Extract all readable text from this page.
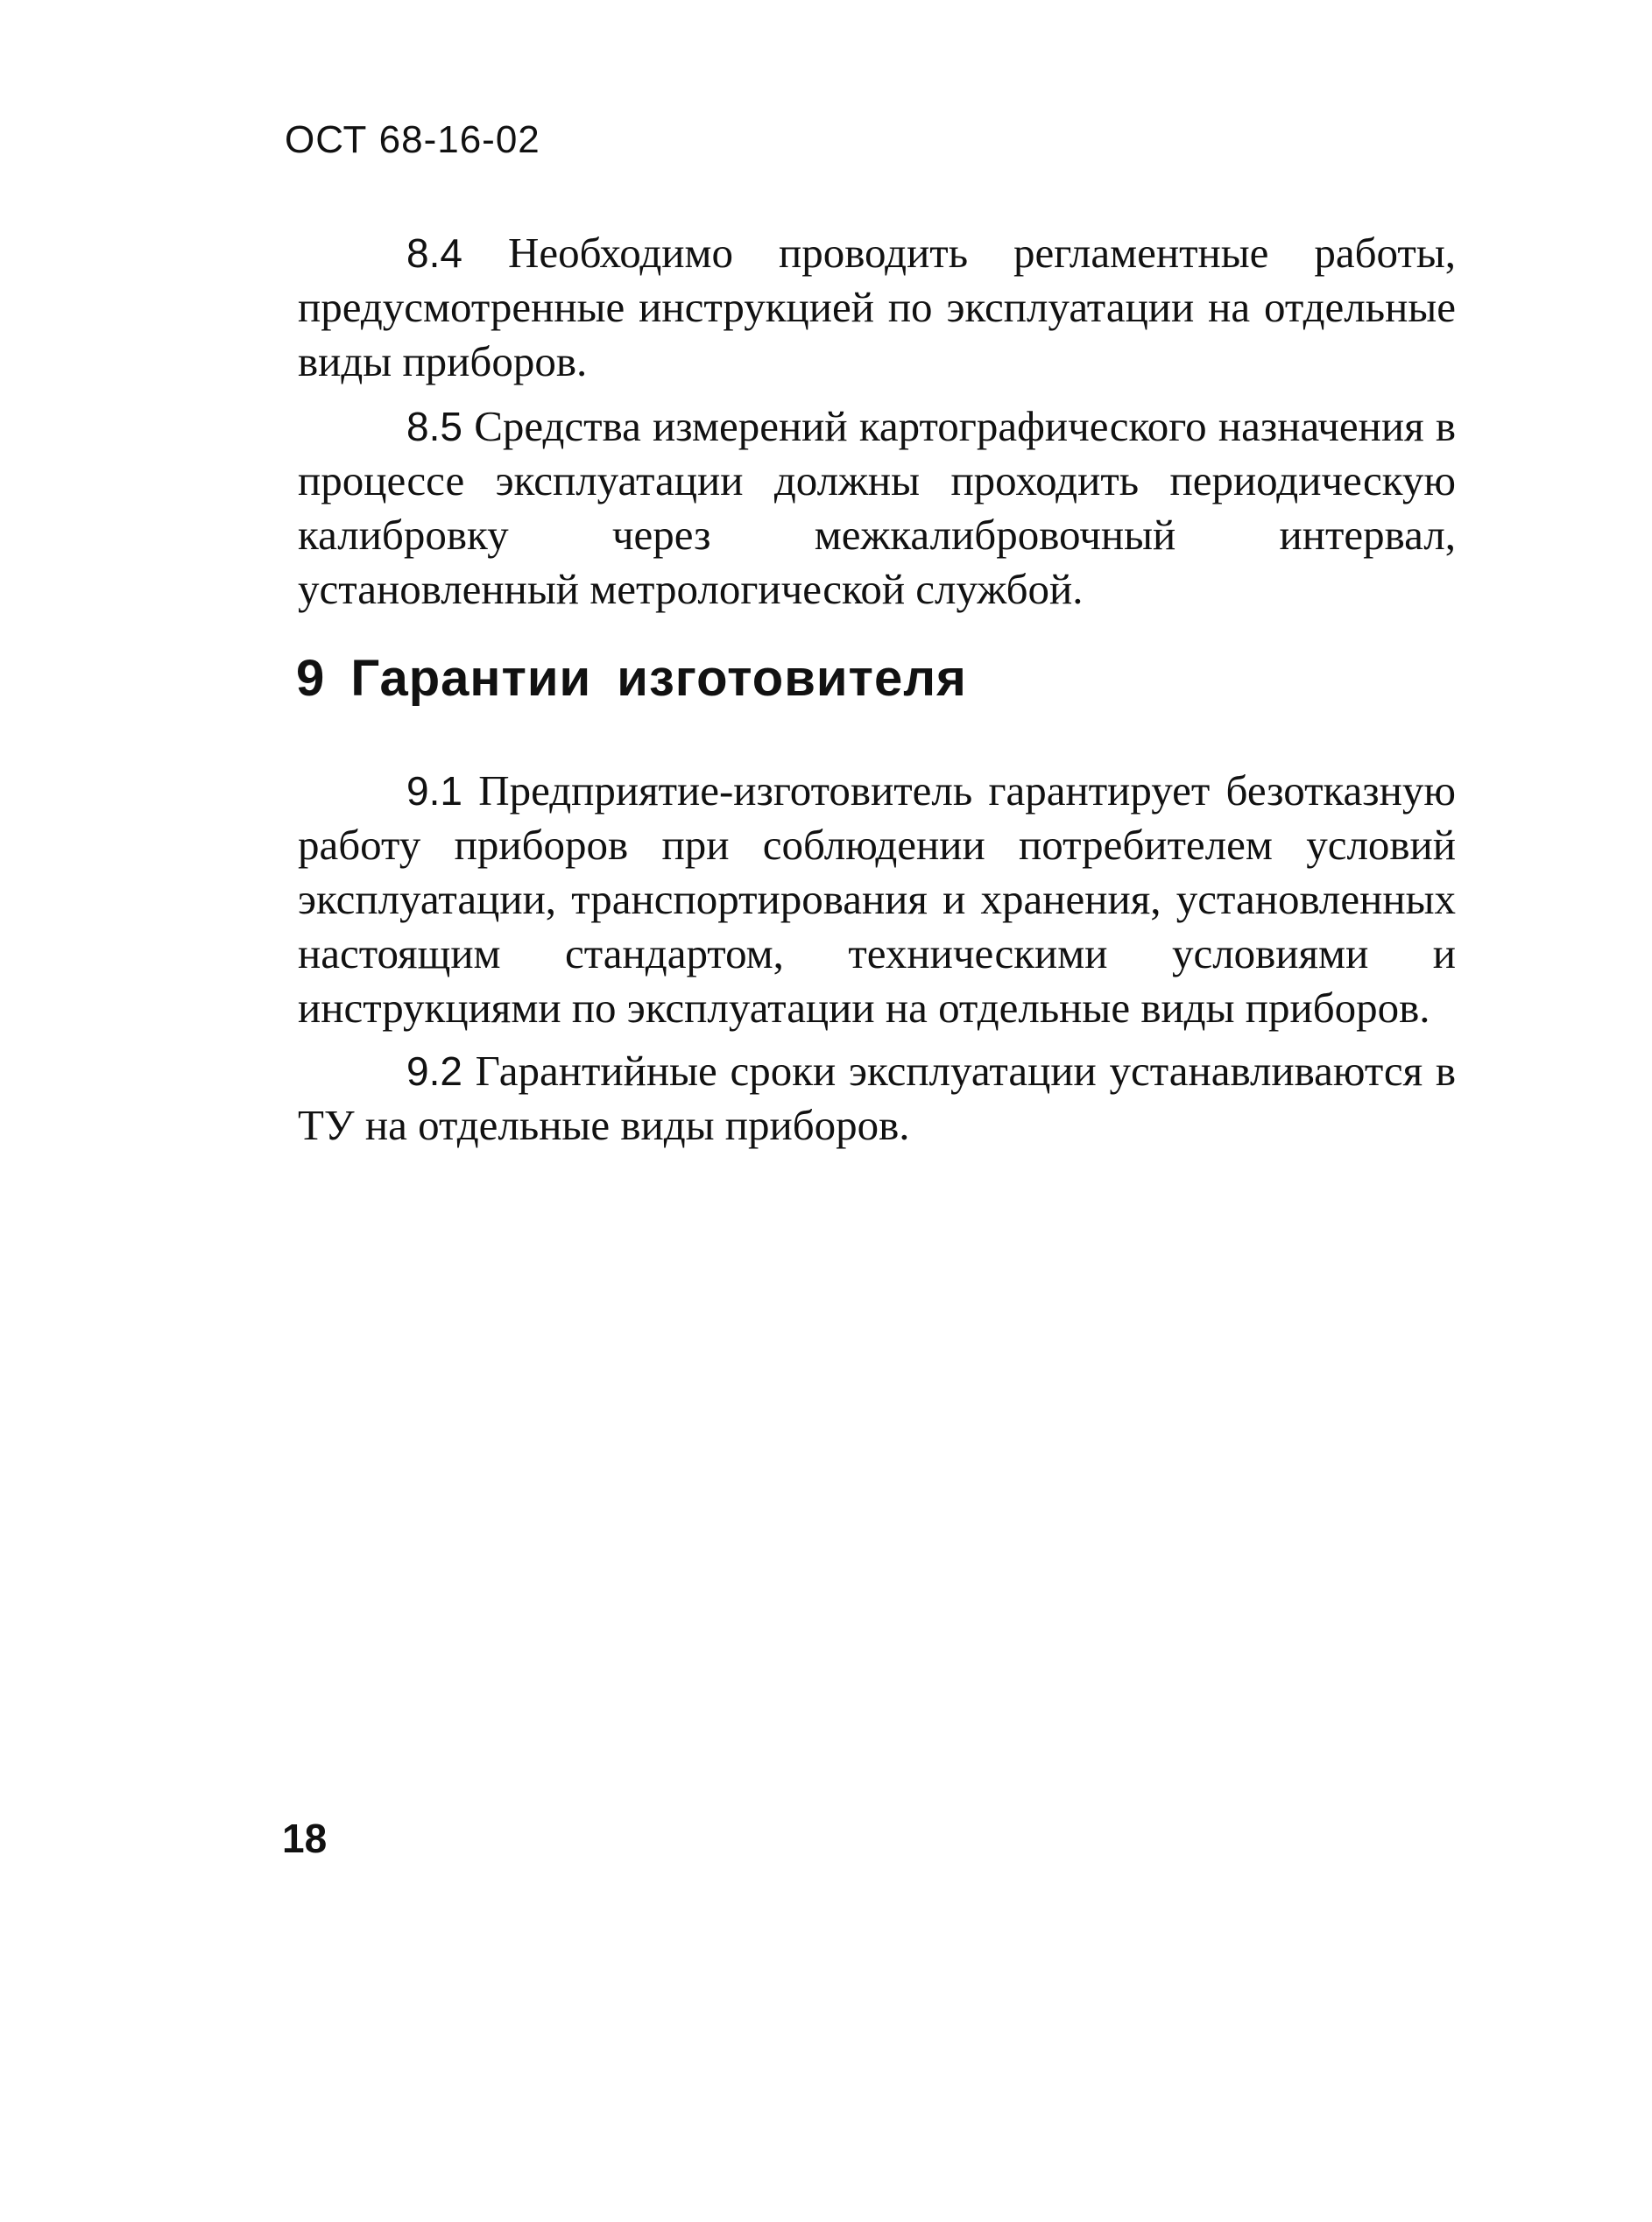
ОСТ 68-16-02

8.4 Необходимо проводить регламентные работы, предусмотренные инструкцией по эксплуатации на отдельные виды приборов.

8.5 Средства измерений картографического назначения в процессе эксплуатации должны проходить периодическую калибровку через межкалибровочный интервал, установленный метрологической службой.

9 Гарантии изготовителя

9.1 Предприятие-изготовитель гарантирует безотказную работу приборов при соблюдении потребителем условий эксплуатации, транспортирования и хранения, установленных настоящим стандартом, техническими условиями и инструкциями по эксплуатации на отдельные виды приборов.

9.2 Гарантийные сроки эксплуатации устанавливаются в ТУ на отдельные виды приборов.

18
